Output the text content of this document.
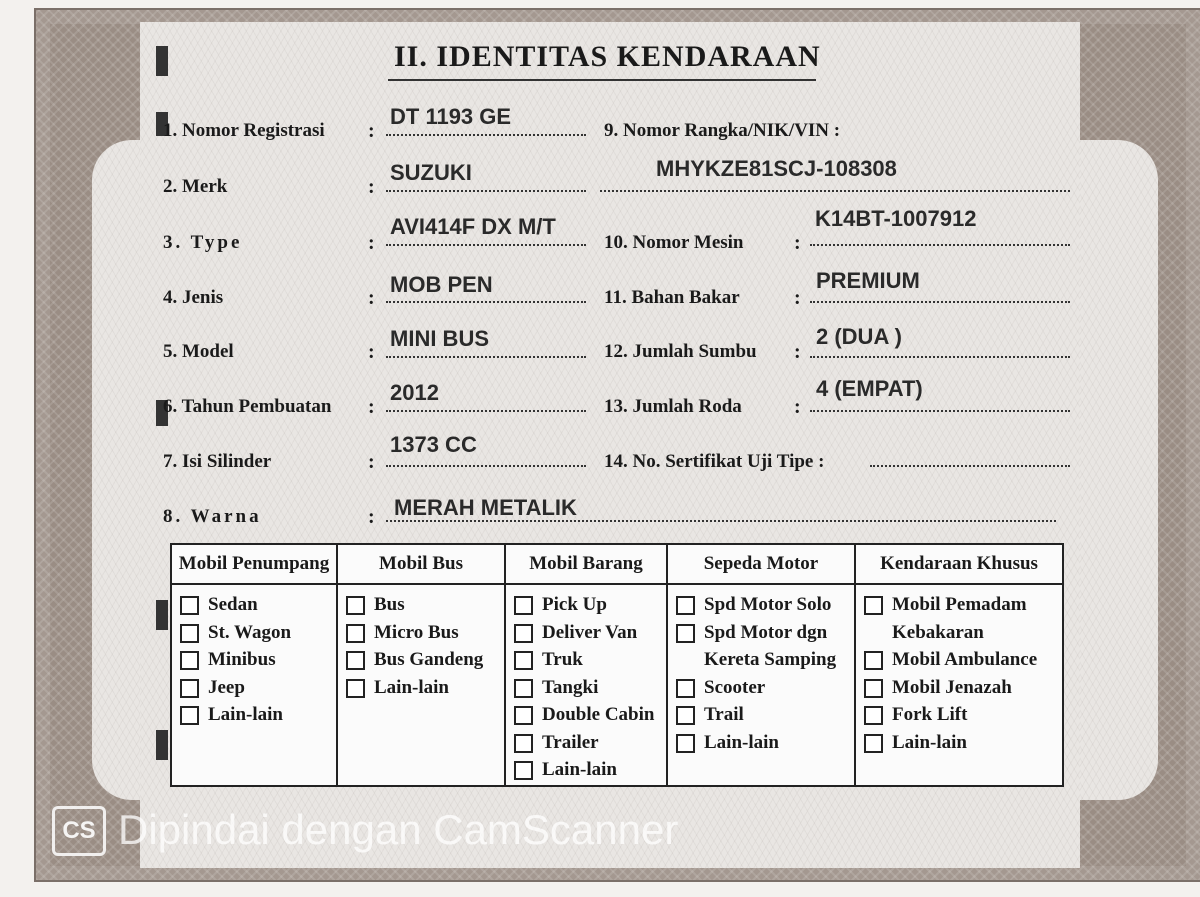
II. IDENTITAS KENDARAAN
1. Nomor Registrasi :
DT 1193 GE
2. Merk	:
SUZUKI
3. Type	:
AVI414F DX M/T
4. Jenis	:
MOB PEN
5. Model	:
MINI BUS
6. Tahun Pembuatan :
2012
7. Isi Silinder	:
1373 CC
8. Warna	: MERAH METALIK
9. Nomor Rangka/NIK/VIN :
MHYKZE81SCJ-108308
10. Nomor Mesin	:
K14BT-1007912
11. Bahan Bakar	:
PREMIUM
12. Jumlah Sumbu :
2 (DUA )
13. Jumlah Roda	:
4 (EMPAT)
14. No. Sertifikat Uji Tipe :
Mobil Penumpang
Sedan
St. Wagon
Minibus
Jeep
Lain-lain
Mobil Bus
Bus
Micro Bus
Bus Gandeng
Lain-lain
Mobil Barang
Pick Up
Deliver Van
Truk
Tangki
Double Cabin
Trailer
Lain-lain
Sepeda Motor
Spd Motor Solo
Spd Motor dgn
Kereta Samping
Scooter
Trail
Lain-lain
Kendaraan Khusus
Mobil Pemadam
Kebakaran
Mobil Ambulance
Mobil Jenazah
Fork Lift
Lain-lain
CS Dipindai dengan CamScanner
